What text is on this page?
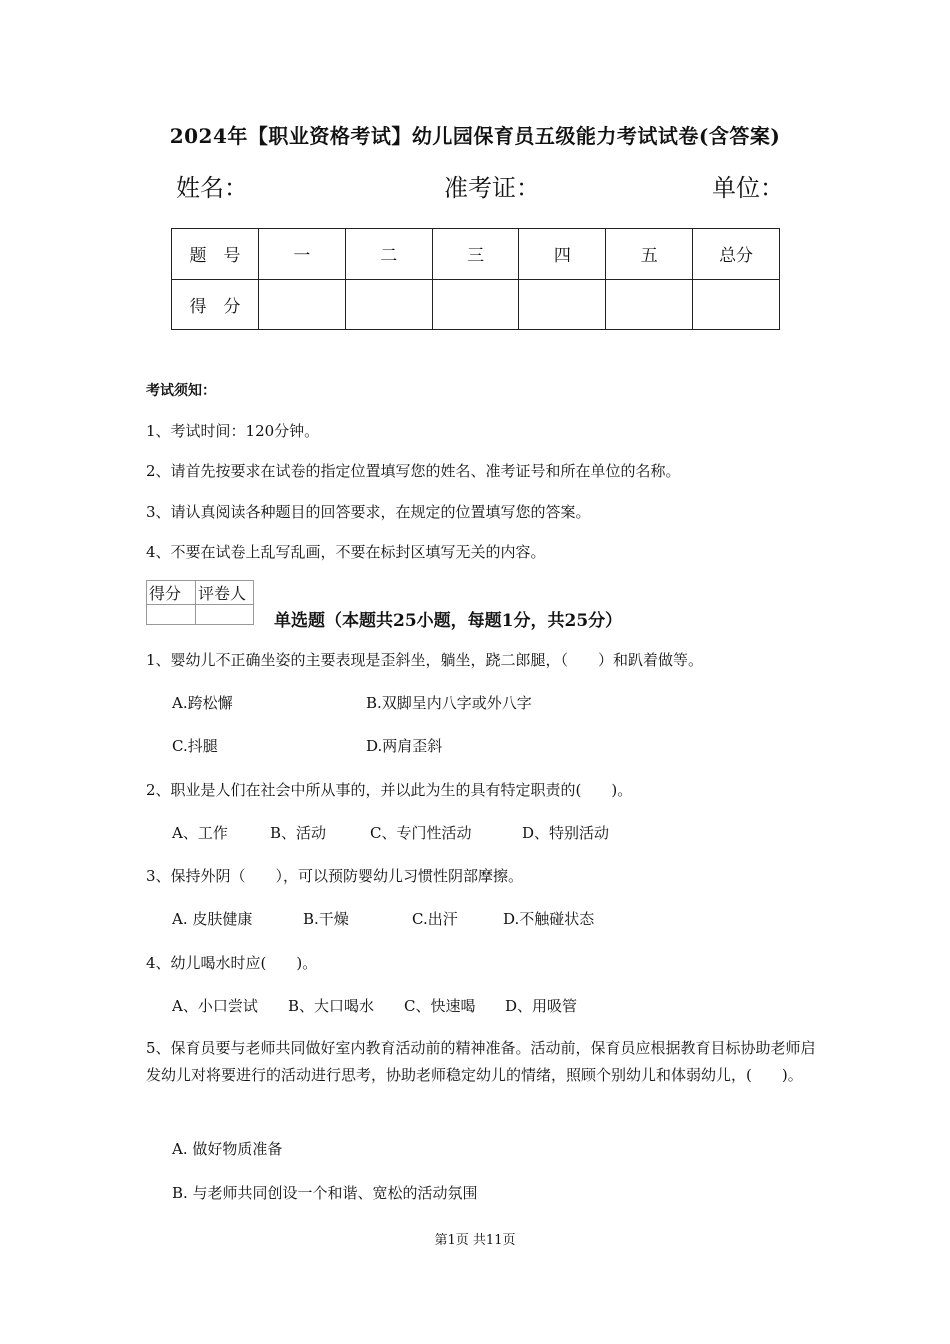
2024年【职业资格考试】幼儿园保育员五级能力考试试卷(含答案)
姓名：	准考证：	单位：
题　号	一	二	三	四	五	总分
得　分						
考试须知：
1、考试时间：120分钟。
2、请首先按要求在试卷的指定位置填写您的姓名、准考证号和所在单位的名称。
3、请认真阅读各种题目的回答要求，在规定的位置填写您的答案。
4、不要在试卷上乱写乱画，不要在标封区填写无关的内容。
得分	评卷人

单选题（本题共25小题，每题1分，共25分）
1、婴幼儿不正确坐姿的主要表现是歪斜坐，躺坐，跷二郎腿，（　　）和趴着做等。
A.跨松懈	B.双脚呈内八字或外八字
C.抖腿	D.两肩歪斜
2、职业是人们在社会中所从事的，并以此为生的具有特定职责的(　　)。
A、工作	B、活动	C、专门性活动	D、特别活动
3、保持外阴（　　），可以预防婴幼儿习惯性阴部摩擦。
A. 皮肤健康	B.干燥	C.出汗	D.不触碰状态
4、幼儿喝水时应(　　)。
A、小口尝试 B、大口喝水 C、快速喝 D、用吸管
5、保育员要与老师共同做好室内教育活动前的精神准备。活动前，保育员应根据教育目标协助老师启发幼儿对将要进行的活动进行思考，协助老师稳定幼儿的情绪，照顾个别幼儿和体弱幼儿，(　　)。
A. 做好物质准备
B. 与老师共同创设一个和谐、宽松的活动氛围
第1页 共11页
